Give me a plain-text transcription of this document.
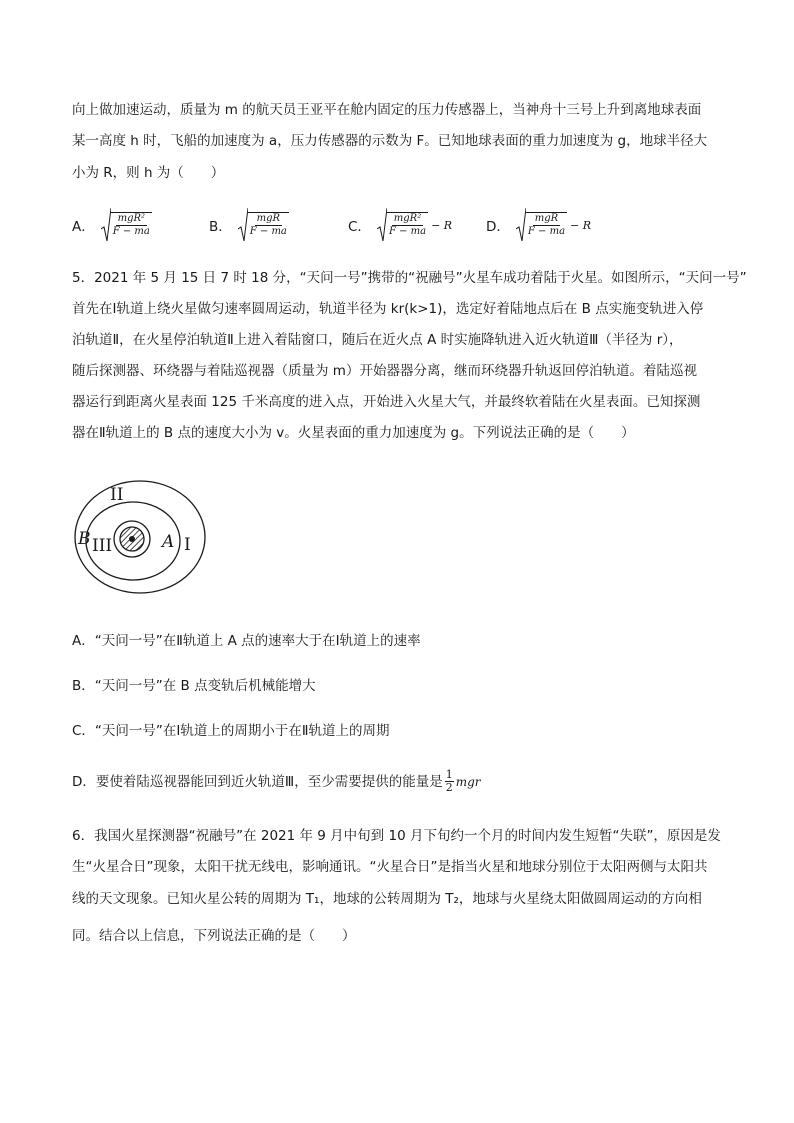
向上做加速运动，质量为 m 的航天员王亚平在舱内固定的压力传感器上，当神舟十三号上升到离地球表面
某一高度 h 时，飞船的加速度为 a，压力传感器的示数为 F。已知地球表面的重力加速度为 g，地球半径大
小为 R，则 h 为（　　）
A． $\frac{\text{mgR²}}{F - ma}$	B． $\frac{\text{mgR}}{F - ma}$	C． $\frac{\text{mgR²}}{F - ma} - R$	D． $\frac{\text{mgR}}{F - ma} - R$
5．2021 年 5 月 15 日 7 时 18 分，“天问一号”携带的“祝融号”火星车成功着陆于火星。如图所示，“天问一号”
首先在Ⅰ轨道上绕火星做匀速率圆周运动，轨道半径为 kr(k>1)，选定好着陆地点后在 B 点实施变轨进入停
泊轨道Ⅱ，在火星停泊轨道Ⅱ上进入着陆窗口，随后在近火点 A 时实施降轨进入近火轨道Ⅲ（半径为 r），
随后探测器、环绕器与着陆巡视器（质量为 m）开始器器分离，继而环绕器升轨返回停泊轨道。着陆巡视
器运行到距离火星表面 125 千米高度的进入点，开始进入火星大气，并最终软着陆在火星表面。已知探测
器在Ⅱ轨道上的 B 点的速度大小为 v。火星表面的重力加速度为 g。下列说法正确的是（　　）
II
B III	A I
A．“天问一号”在Ⅱ轨道上 A 点的速率大于在Ⅰ轨道上的速率
B．“天问一号”在 B 点变轨后机械能增大
C．“天问一号”在Ⅰ轨道上的周期小于在Ⅱ轨道上的周期
D．要使着陆巡视器能回到近火轨道Ⅲ，至少需要提供的能量是 $\frac{1}{2}$ mgr
6．我国火星探测器“祝融号”在 2021 年 9 月中旬到 10 月下旬约一个月的时间内发生短暂“失联”，原因是发
生“火星合日”现象，太阳干扰无线电，影响通讯。“火星合日”是指当火星和地球分别位于太阳两侧与太阳共
线的天文现象。已知火星公转的周期为 T₁，地球的公转周期为 T₂，地球与火星绕太阳做圆周运动的方向相
同。结合以上信息，下列说法正确的是（　　）
